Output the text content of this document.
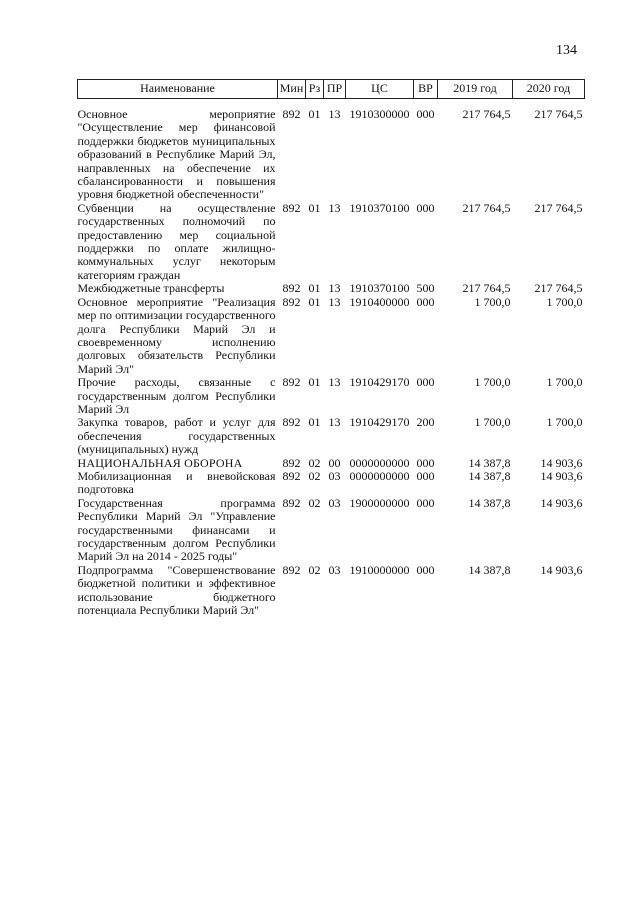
134
Наименование	Мин	Рз	ПР	ЦС	ВР	2019 год	2020 год
Основное мероприятие "Осуществление мер финансовой поддержки бюджетов муниципальных образований в Республике Марий Эл, направленных на обеспечение их сбалансированности и повышения уровня бюджетной обеспеченности"	892	01	13	1910300000	000	217 764,5	217 764,5
Субвенции на осуществление государственных полномочий по предоставлению мер социальной поддержки по оплате жилищно-коммунальных услуг некоторым категориям граждан	892	01	13	1910370100	000	217 764,5	217 764,5
Межбюджетные трансферты	892	01	13	1910370100	500	217 764,5	217 764,5
Основное мероприятие "Реализация мер по оптимизации государственного долга Республики Марий Эл и своевременному исполнению долговых обязательств Республики Марий Эл"	892	01	13	1910400000	000	1 700,0	1 700,0
Прочие расходы, связанные с государственным долгом Республики Марий Эл	892	01	13	1910429170	000	1 700,0	1 700,0
Закупка товаров, работ и услуг для обеспечения государственных (муниципальных) нужд	892	01	13	1910429170	200	1 700,0	1 700,0
НАЦИОНАЛЬНАЯ ОБОРОНА	892	02	00	0000000000	000	14 387,8	14 903,6
Мобилизационная и вневойсковая подготовка	892	02	03	0000000000	000	14 387,8	14 903,6
Государственная программа Республики Марий Эл "Управление государственными финансами и государственным долгом Республики Марий Эл на 2014 - 2025 годы"	892	02	03	1900000000	000	14 387,8	14 903,6
Подпрограмма "Совершенствование бюджетной политики и эффективное использование бюджетного потенциала Республики Марий Эл"	892	02	03	1910000000	000	14 387,8	14 903,6
